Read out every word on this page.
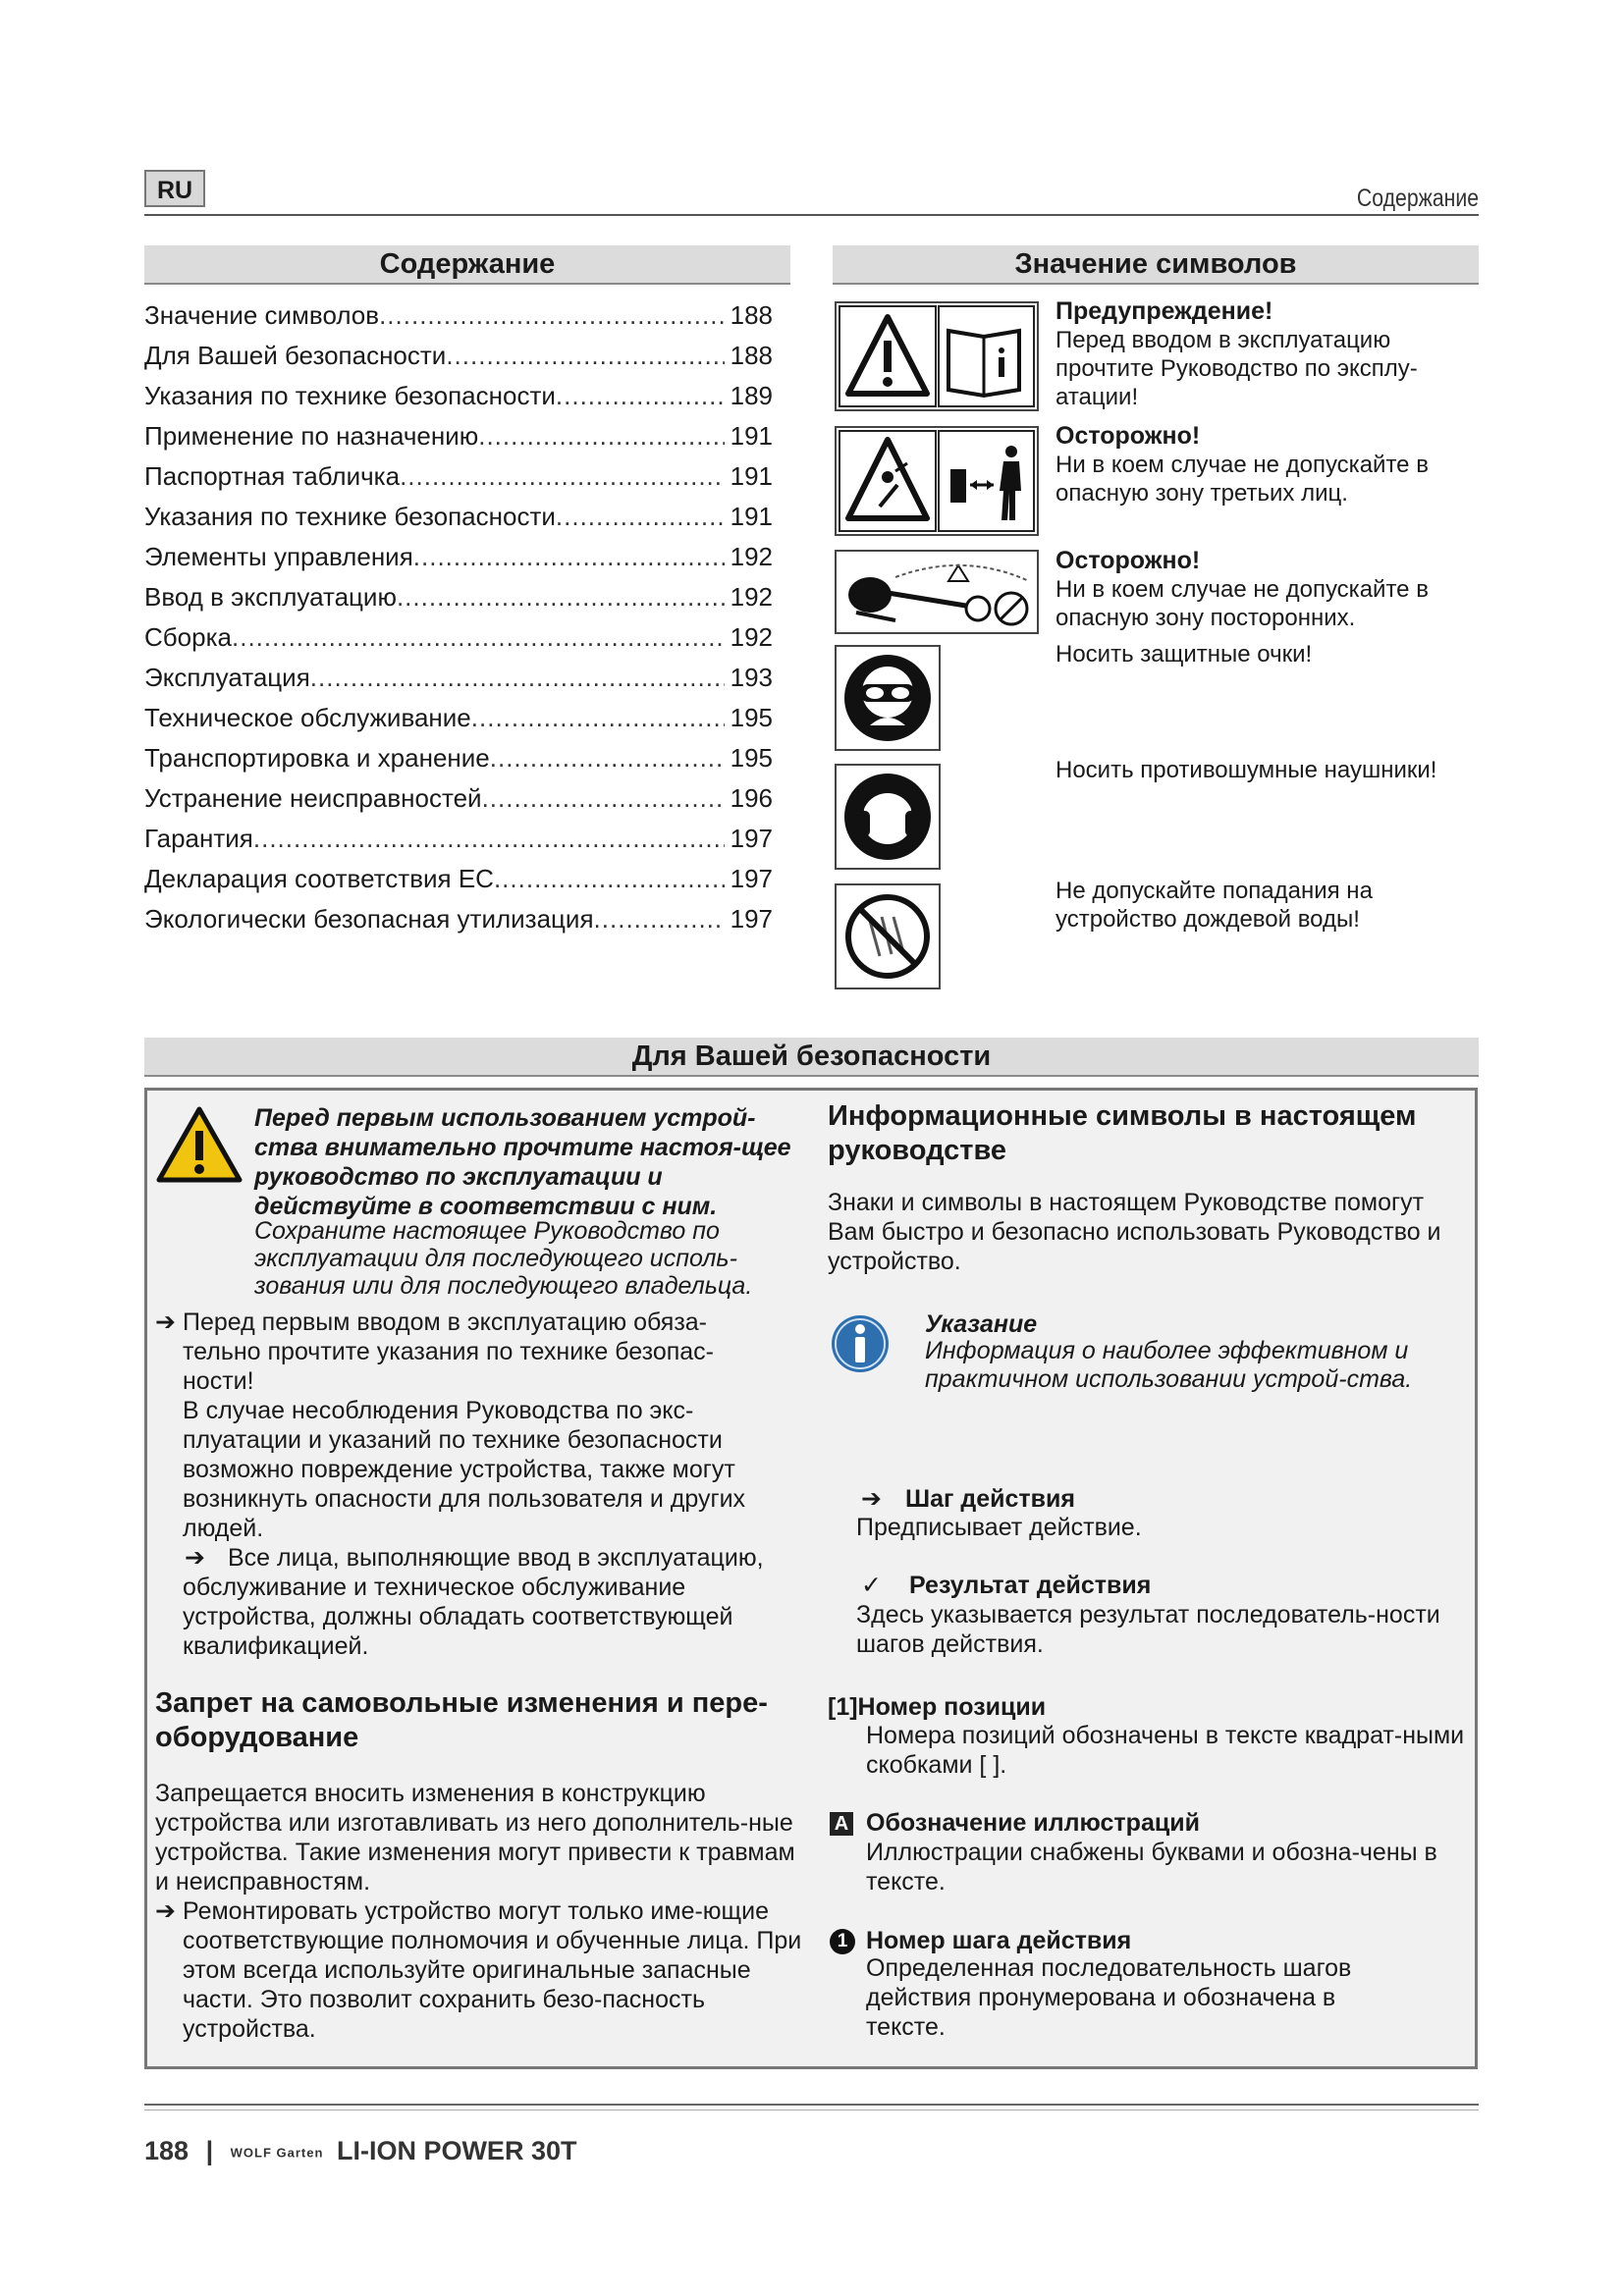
RU	Содержание
Содержание
Значение символов .....	188
Для Вашей безопасности .....	188
Указания по технике безопасности .....	189
Применение по назначению .....	191
Паспортная табличка .....	191
Указания по технике безопасности .....	191
Элементы управления .....	192
Ввод в эксплуатацию .....	192
Сборка .....	192
Эксплуатация .....	193
Техническое обслуживание .....	195
Транспортировка и хранение .....	195
Устранение неисправностей .....	196
Гарантия .....	197
Декларация соответствия ЕС .....	197
Экологически безопасная утилизация .....	197
Значение символов
Предупреждение!
Перед вводом в эксплуатацию прочтите Руководство по эксплу-атации!
Осторожно!
Ни в коем случае не допускайте в опасную зону третьих лиц.
Осторожно!
Ни в коем случае не допускайте в опасную зону посторонних.
Носить защитные очки!
Носить противошумные наушники!
Не допускайте попадания на устройство дождевой воды!
Для Вашей безопасности
Перед первым использованием устрой-ства внимательно прочтите настоя-щее руководство по эксплуатации и действуйте в соответствии с ним.
Сохраните настоящее Руководство по эксплуатации для последующего исполь-зования или для последующего владельца.
➔ Перед первым вводом в эксплуатацию обяза-тельно прочтите указания по технике безопас-ности!
В случае несоблюдения Руководства по экс-плуатации и указаний по технике безопасности возможно повреждение устройства, также могут возникнуть опасности для пользователя и других людей.
➔ Все лица, выполняющие ввод в эксплуатацию, обслуживание и техническое обслуживание устройства, должны обладать соответствующей квалификацией.
Запрет на самовольные изменения и пере-оборудование
Запрещается вносить изменения в конструкцию устройства или изготавливать из него дополнитель-ные устройства. Такие изменения могут привести к травмам и неисправностям.
➔ Ремонтировать устройство могут только име-ющие соответствующие полномочия и обученные лица. При этом всегда используйте оригинальные запасные части. Это позволит сохранить безо-пасность устройства.
Информационные символы в настоящем руководстве
Знаки и символы в настоящем Руководстве помогут Вам быстро и безопасно использовать Руководство и устройство.
Указание
Информация о наиболее эффективном и практичном использовании устрой-ства.
➔ Шаг действия
Предписывает действие.
✓ Результат действия
Здесь указывается результат последователь-ности шагов действия.
[1]Номер позиции
Номера позиций обозначены в тексте квадрат-ными скобками [ ].
A Обозначение иллюстраций
Иллюстрации снабжены буквами и обозна-чены в тексте.
1 Номер шага действия
Определенная последовательность шагов действия пронумерована и обозначена в тексте.
188 | WOLF Garten LI-ION POWER 30T
